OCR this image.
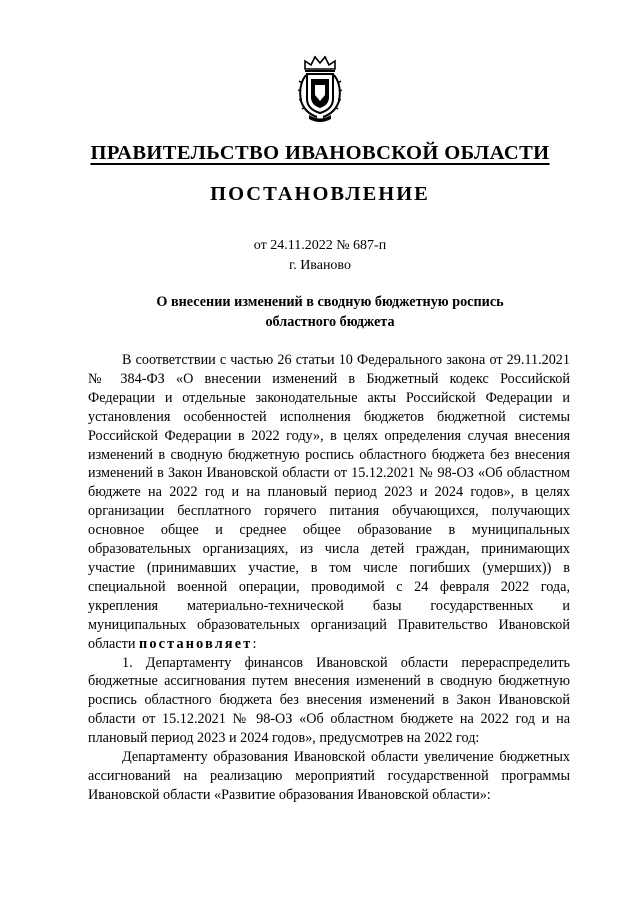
ПРАВИТЕЛЬСТВО ИВАНОВСКОЙ ОБЛАСТИ
ПОСТАНОВЛЕНИЕ
от 24.11.2022 № 687-п
г. Иваново
О внесении изменений в сводную бюджетную роспись
областного бюджета

В соответствии с частью 26 статьи 10 Федерального закона от 29.11.2021 № 384-ФЗ «О внесении изменений в Бюджетный кодекс Российской Федерации и отдельные законодательные акты Российской Федерации и установления особенностей исполнения бюджетов бюджетной системы Российской Федерации в 2022 году», в целях определения случая внесения изменений в сводную бюджетную роспись областного бюджета без внесения изменений в Закон Ивановской области от 15.12.2021 № 98-ОЗ «Об областном бюджете на 2022 год и на плановый период 2023 и 2024 годов», в целях организации бесплатного горячего питания обучающихся, получающих основное общее и среднее общее образование в муниципальных образовательных организациях, из числа детей граждан, принимающих участие (принимавших участие, в том числе погибших (умерших)) в специальной военной операции, проводимой с 24 февраля 2022 года, укрепления материально-технической базы государственных и муниципальных образовательных организаций Правительство Ивановской области постановляет:

1. Департаменту финансов Ивановской области перераспределить бюджетные ассигнования путем внесения изменений в сводную бюджетную роспись областного бюджета без внесения изменений в Закон Ивановской области от 15.12.2021 № 98-ОЗ «Об областном бюджете на 2022 год и на плановый период 2023 и 2024 годов», предусмотрев на 2022 год:

Департаменту образования Ивановской области увеличение бюджетных ассигнований на реализацию мероприятий государственной программы Ивановской области «Развитие образования Ивановской области»:
